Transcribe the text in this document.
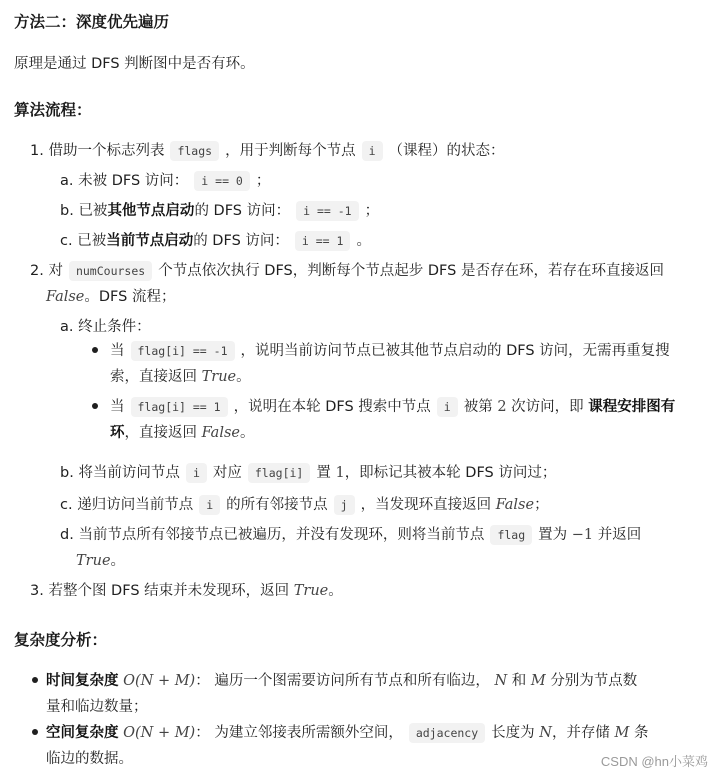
方法二：深度优先遍历
原理是通过 DFS 判断图中是否有环。
算法流程：
1. 借助一个标志列表 flags ，用于判断每个节点 i （课程）的状态：
a. 未被 DFS 访问： i == 0 ；
b. 已被其他节点启动的 DFS 访问： i == -1 ；
c. 已被当前节点启动的 DFS 访问： i == 1 。
2. 对 numCourses 个节点依次执行 DFS，判断每个节点起步 DFS 是否存在环，若存在环直接返回
False。DFS 流程；
a. 终止条件：
当 flag[i] == -1 ，说明当前访问节点已被其他节点启动的 DFS 访问，无需再重复搜
索，直接返回 True。
当 flag[i] == 1 ，说明在本轮 DFS 搜索中节点 i 被第 2 次访问，即 课程安排图有
环，直接返回 False。
b. 将当前访问节点 i 对应 flag[i] 置 1，即标记其被本轮 DFS 访问过；
c. 递归访问当前节点 i 的所有邻接节点 j ，当发现环直接返回 False；
d. 当前节点所有邻接节点已被遍历，并没有发现环，则将当前节点 flag 置为 −1 并返回
True。
3. 若整个图 DFS 结束并未发现环，返回 True。
复杂度分析：
时间复杂度 O(N + M)： 遍历一个图需要访问所有节点和所有临边， N 和 M 分别为节点数
量和临边数量；
空间复杂度 O(N + M)： 为建立邻接表所需额外空间， adjacency 长度为 N，并存储 M 条
临边的数据。	CSDN @hn小菜鸡
